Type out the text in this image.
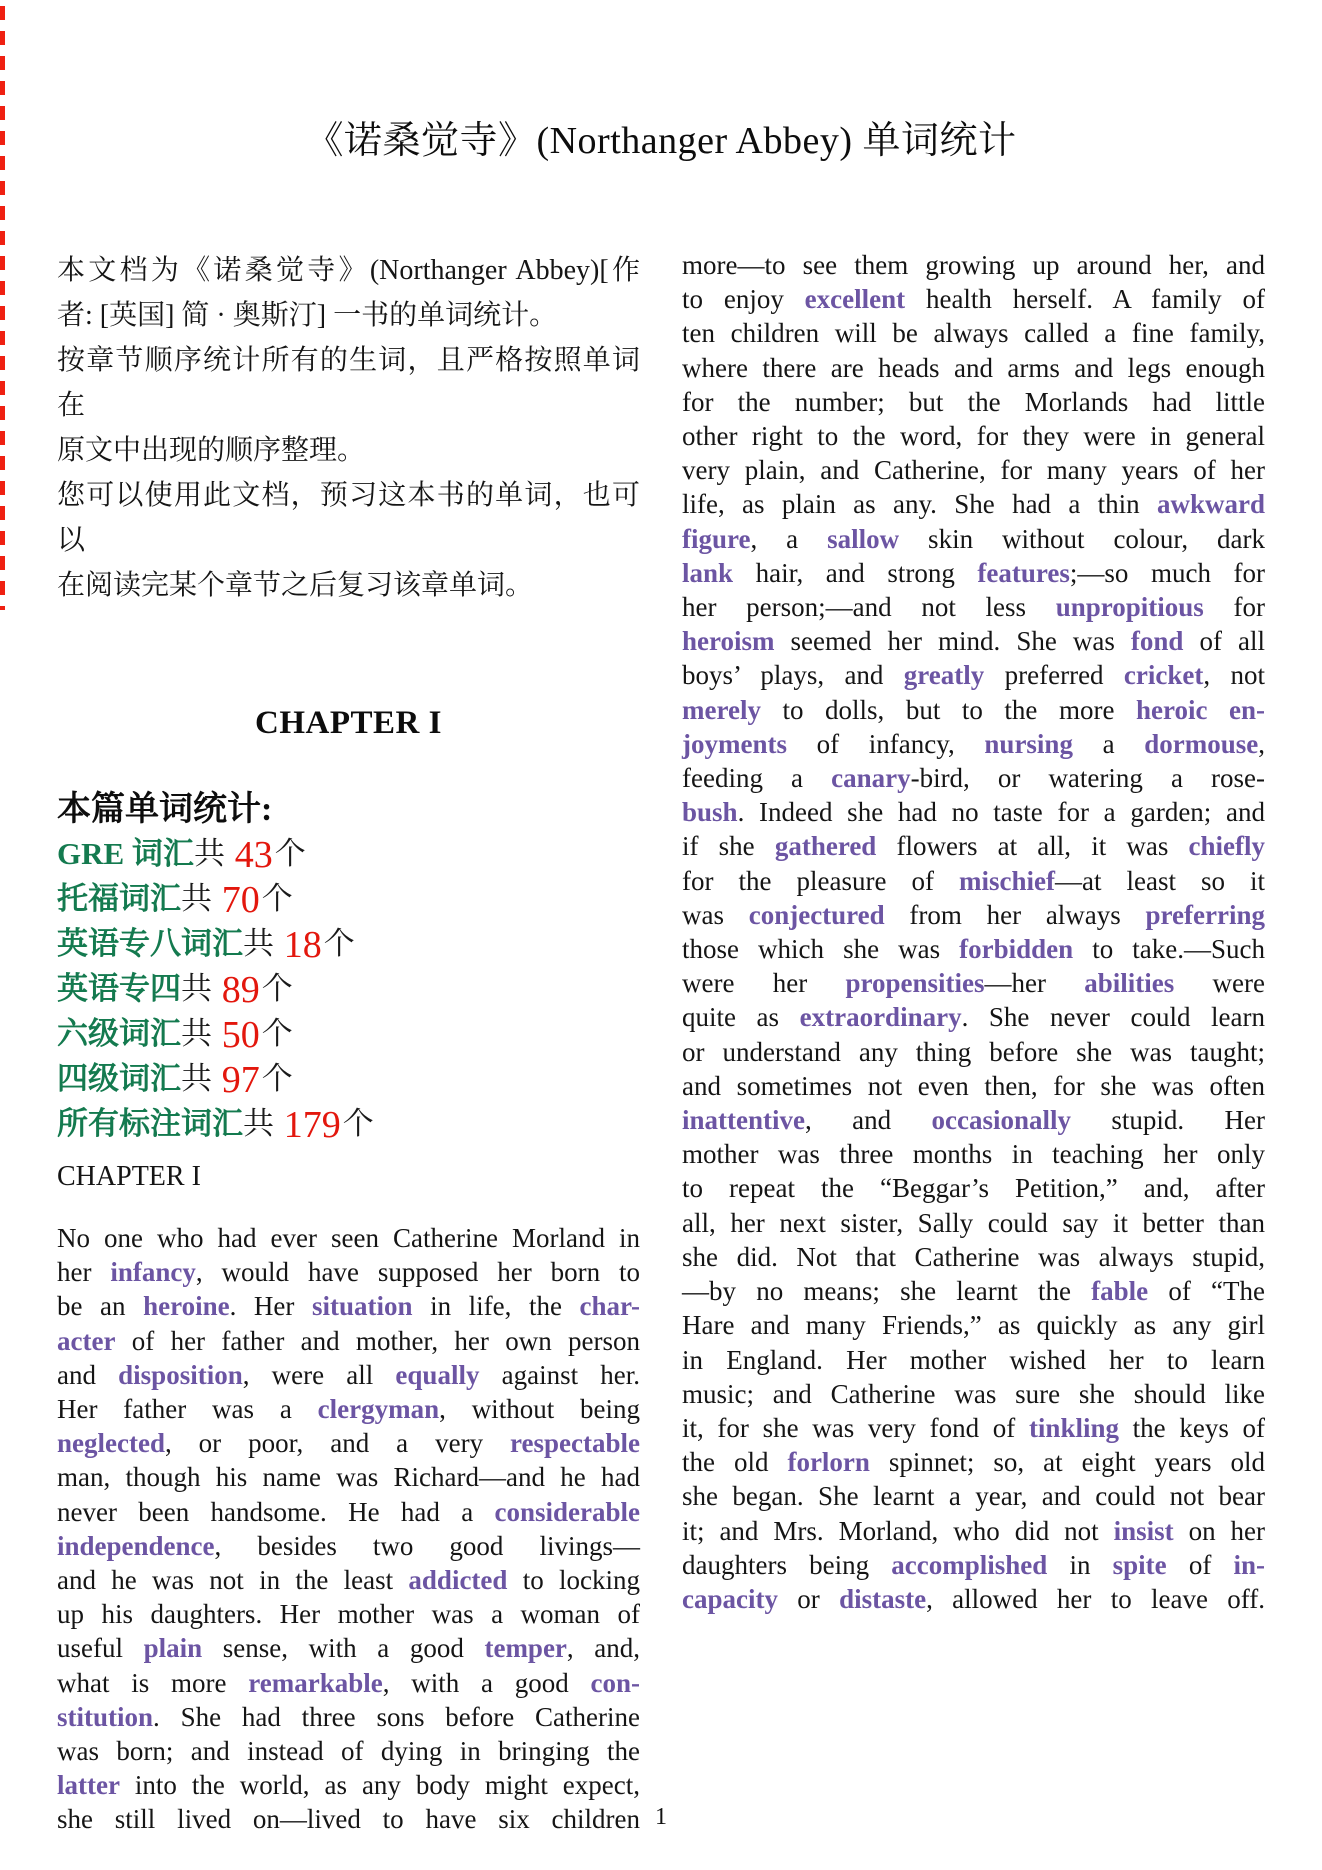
《诺桑觉寺》(Northanger Abbey) 单词统计
本文档为《诺桑觉寺》(Northanger Abbey)[作
者: [英国] 简 · 奥斯汀] 一书的单词统计。
按章节顺序统计所有的生词，且严格按照单词在
原文中出现的顺序整理。
您可以使用此文档，预习这本书的单词，也可以
在阅读完某个章节之后复习该章单词。
CHAPTER I
本篇单词统计:
GRE 词汇共 43个
托福词汇共 70个
英语专八词汇共 18个
英语专四共 89个
六级词汇共 50个
四级词汇共 97个
所有标注词汇共 179个
CHAPTER I
No one who had ever seen Catherine Morland in
her infancy, would have supposed her born to
be an heroine. Her situation in life, the char-
acter of her father and mother, her own person
and disposition, were all equally against her.
Her father was a clergyman, without being
neglected, or poor, and a very respectable
man, though his name was Richard—and he had
never been handsome. He had a considerable
independence, besides two good livings—
and he was not in the least addicted to locking
up his daughters. Her mother was a woman of
useful plain sense, with a good temper, and,
what is more remarkable, with a good con-
stitution. She had three sons before Catherine
was born; and instead of dying in bringing the
latter into the world, as any body might expect,
she still lived on—lived to have six children
more—to see them growing up around her, and
to enjoy excellent health herself. A family of
ten children will be always called a fine family,
where there are heads and arms and legs enough
for the number; but the Morlands had little
other right to the word, for they were in general
very plain, and Catherine, for many years of her
life, as plain as any. She had a thin awkward
figure, a sallow skin without colour, dark
lank hair, and strong features;—so much for
her person;—and not less unpropitious for
heroism seemed her mind. She was fond of all
boys’ plays, and greatly preferred cricket, not
merely to dolls, but to the more heroic en-
joyments of infancy, nursing a dormouse,
feeding a canary-bird, or watering a rose-
bush. Indeed she had no taste for a garden; and
if she gathered flowers at all, it was chiefly
for the pleasure of mischief—at least so it
was conjectured from her always preferring
those which she was forbidden to take.—Such
were her propensities—her abilities were
quite as extraordinary. She never could learn
or understand any thing before she was taught;
and sometimes not even then, for she was often
inattentive, and occasionally stupid. Her
mother was three months in teaching her only
to repeat the “Beggar’s Petition,” and, after
all, her next sister, Sally could say it better than
she did. Not that Catherine was always stupid,
—by no means; she learnt the fable of “The
Hare and many Friends,” as quickly as any girl
in England. Her mother wished her to learn
music; and Catherine was sure she should like
it, for she was very fond of tinkling the keys of
the old forlorn spinnet; so, at eight years old
she began. She learnt a year, and could not bear
it; and Mrs. Morland, who did not insist on her
daughters being accomplished in spite of in-
capacity or distaste, allowed her to leave off.
1
